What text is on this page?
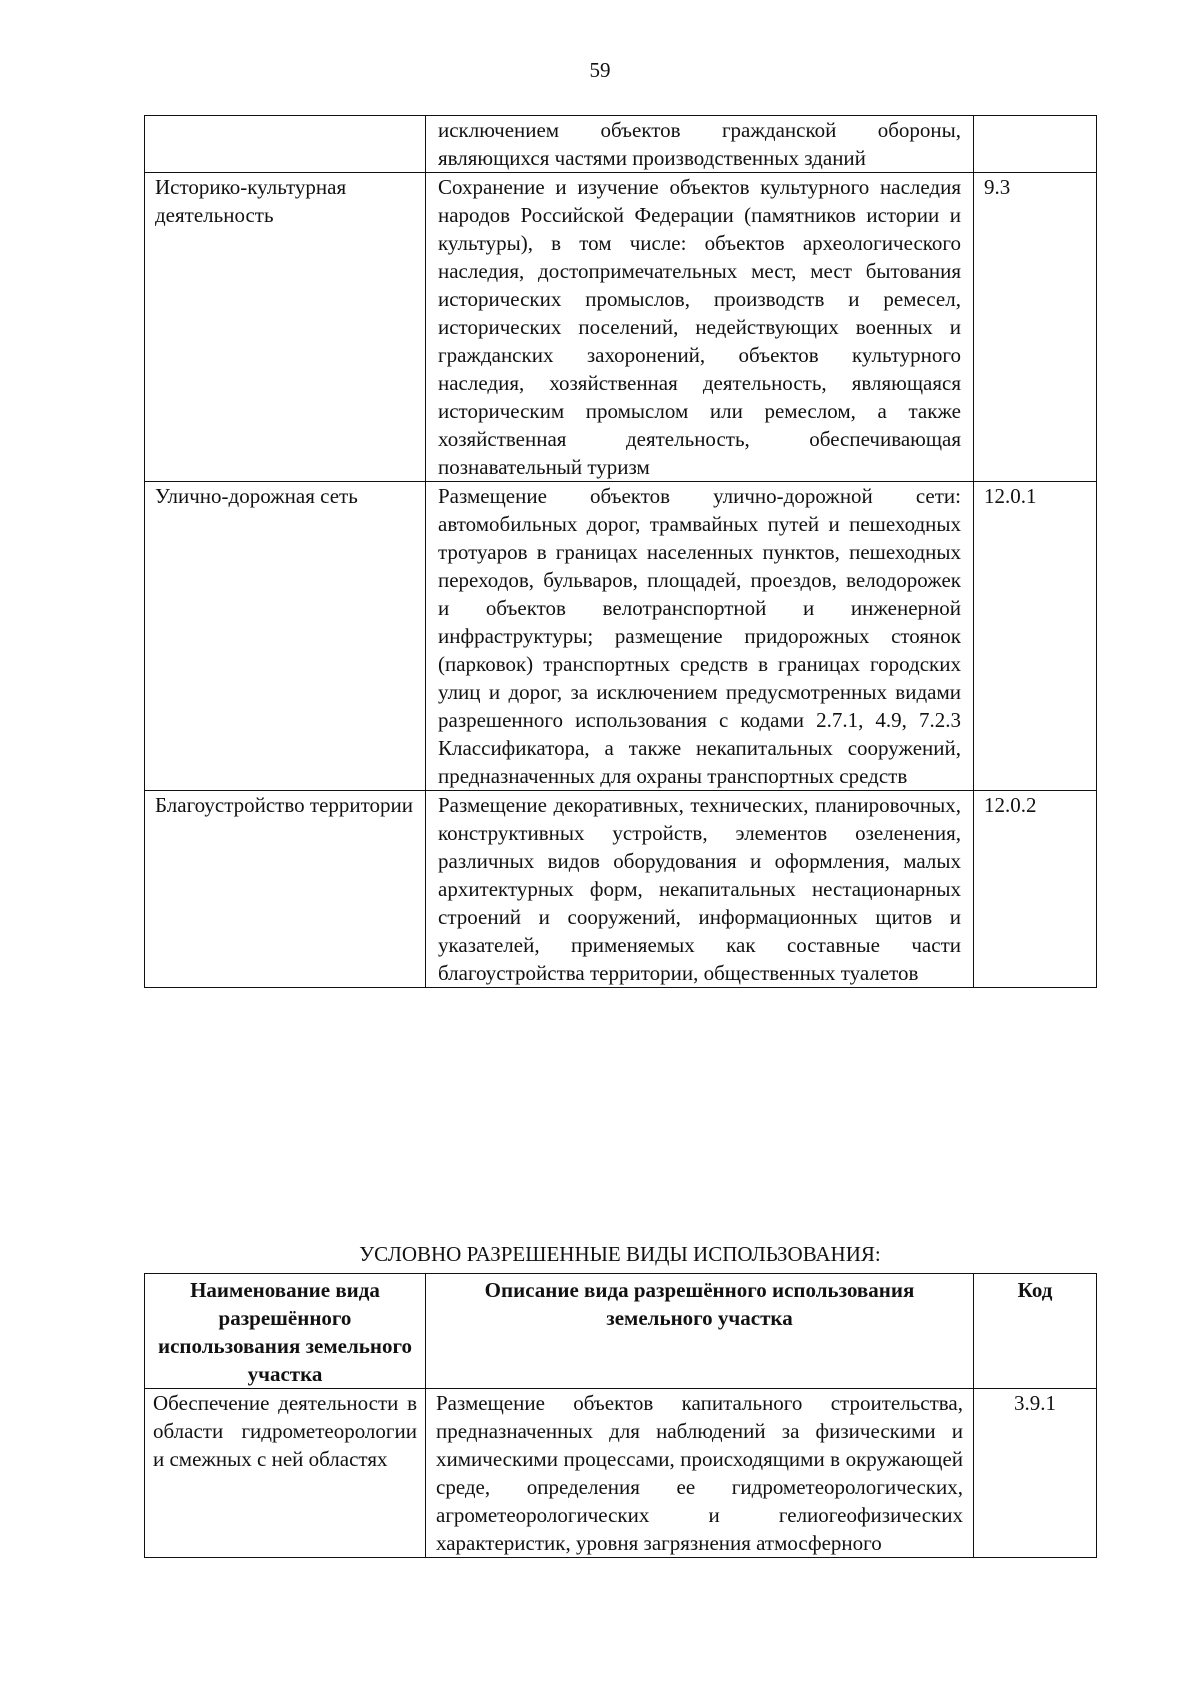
59
	исключением объектов гражданской обороны, являющихся частями производственных зданий	
Историко-культурная деятельность	Сохранение и изучение объектов культурного наследия народов Российской Федерации (памятников истории и культуры), в том числе: объектов археологического наследия, достопримечательных мест, мест бытования исторических промыслов, производств и ремесел, исторических поселений, недействующих военных и гражданских захоронений, объектов культурного наследия, хозяйственная деятельность, являющаяся историческим промыслом или ремеслом, а также хозяйственная деятельность, обеспечивающая познавательный туризм	9.3
Улично-дорожная сеть	Размещение объектов улично-дорожной сети: автомобильных дорог, трамвайных путей и пешеходных тротуаров в границах населенных пунктов, пешеходных переходов, бульваров, площадей, проездов, велодорожек и объектов велотранспортной и инженерной инфраструктуры; размещение придорожных стоянок (парковок) транспортных средств в границах городских улиц и дорог, за исключением предусмотренных видами разрешенного использования с кодами 2.7.1, 4.9, 7.2.3 Классификатора, а также некапитальных сооружений, предназначенных для охраны транспортных средств	12.0.1
Благоустройство территории	Размещение декоративных, технических, планировочных, конструктивных устройств, элементов озеленения, различных видов оборудования и оформления, малых архитектурных форм, некапитальных нестационарных строений и сооружений, информационных щитов и указателей, применяемых как составные части благоустройства территории, общественных туалетов	12.0.2
УСЛОВНО РАЗРЕШЕННЫЕ ВИДЫ ИСПОЛЬЗОВАНИЯ:
Наименование вида разрешённого использования земельного участка	Описание вида разрешённого использования земельного участка	Код
Обеспечение деятельности в области гидрометеорологии и смежных с ней областях	Размещение объектов капитального строительства, предназначенных для наблюдений за физическими и химическими процессами, происходящими в окружающей среде, определения ее гидрометеорологических, агрометеорологических и гелиогеофизических характеристик, уровня загрязнения атмосферного	3.9.1
